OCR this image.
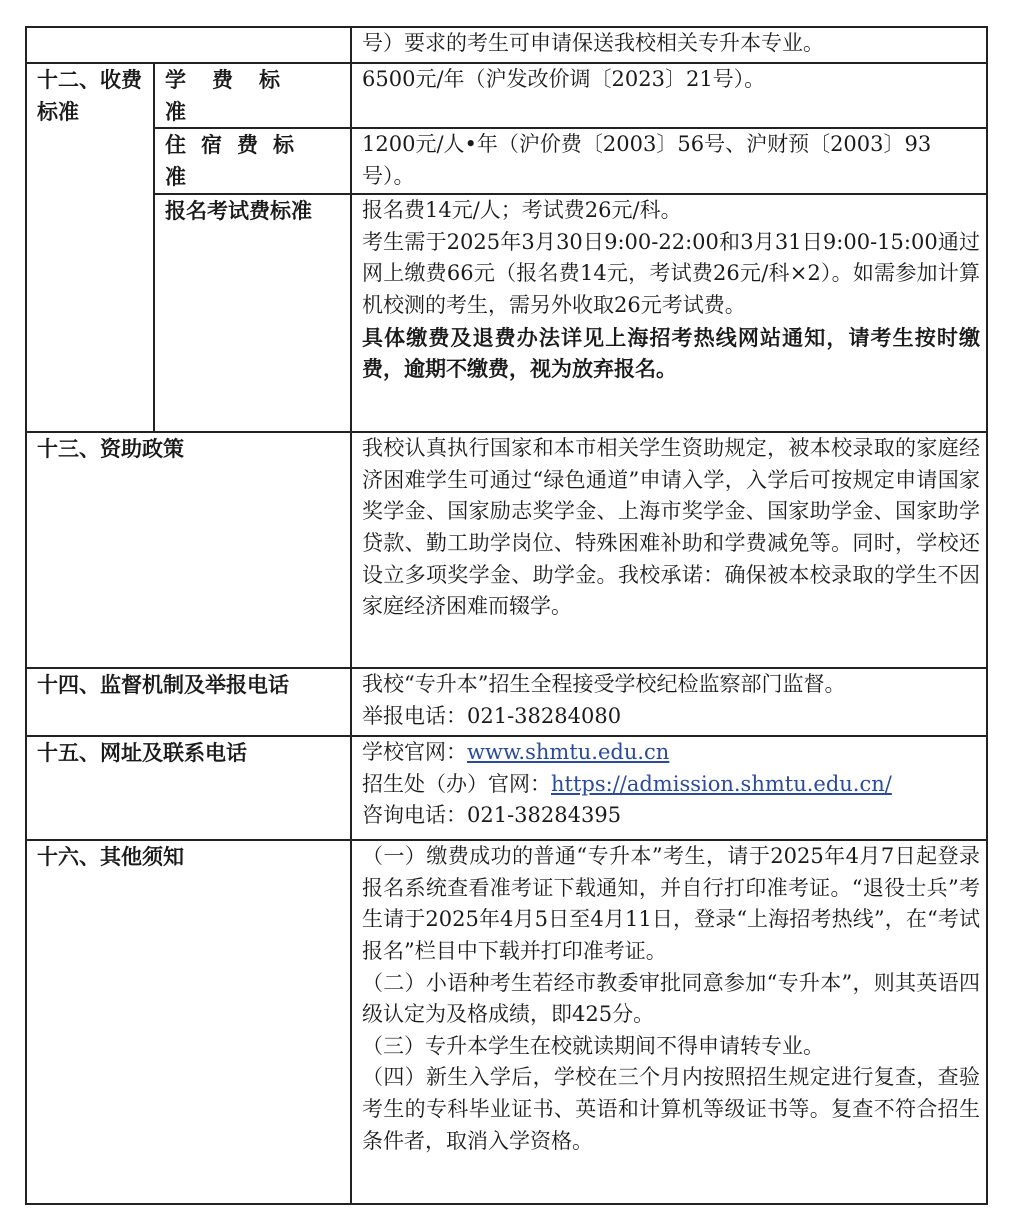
		号）要求的考生可申请保送我校相关专升本专业。

十二、收费标准	学费标准	6500元/年（沪发改价调〔2023〕21号）。

	住宿费标准	1200元/人•年（沪价费〔2003〕56号、沪财预〔2003〕93号）。

	报名考试费标准	报名费14元/人；考试费26元/科。

考生需于2025年3月30日9:00-22:00和3月31日9:00-15:00通过网上缴费66元（报名费14元，考试费26元/科×2）。如需参加计算机校测的考生，需另外收取26元考试费。

具体缴费及退费办法详见上海招考热线网站通知，请考生按时缴费，逾期不缴费，视为放弃报名。

十三、资助政策		我校认真执行国家和本市相关学生资助规定，被本校录取的家庭经济困难学生可通过“绿色通道”申请入学，入学后可按规定申请国家奖学金、国家励志奖学金、上海市奖学金、国家助学金、国家助学贷款、勤工助学岗位、特殊困难补助和学费减免等。同时，学校还设立多项奖学金、助学金。我校承诺：确保被本校录取的学生不因家庭经济困难而辍学。

十四、监督机制及举报电话		我校“专升本”招生全程接受学校纪检监察部门监督。

举报电话：021-38284080

十五、网址及联系电话		学校官网：www.shmtu.edu.cn

招生处（办）官网：https://admission.shmtu.edu.cn/

咨询电话：021-38284395

十六、其他须知		（一）缴费成功的普通“专升本”考生，请于2025年4月7日起登录报名系统查看准考证下载通知，并自行打印准考证。“退役士兵”考生请于2025年4月5日至4月11日，登录“上海招考热线”，在“考试报名”栏目中下载并打印准考证。

（二）小语种考生若经市教委审批同意参加“专升本”，则其英语四级认定为及格成绩，即425分。

（三）专升本学生在校就读期间不得申请转专业。

（四）新生入学后，学校在三个月内按照招生规定进行复查，查验考生的专科毕业证书、英语和计算机等级证书等。复查不符合招生条件者，取消入学资格。
